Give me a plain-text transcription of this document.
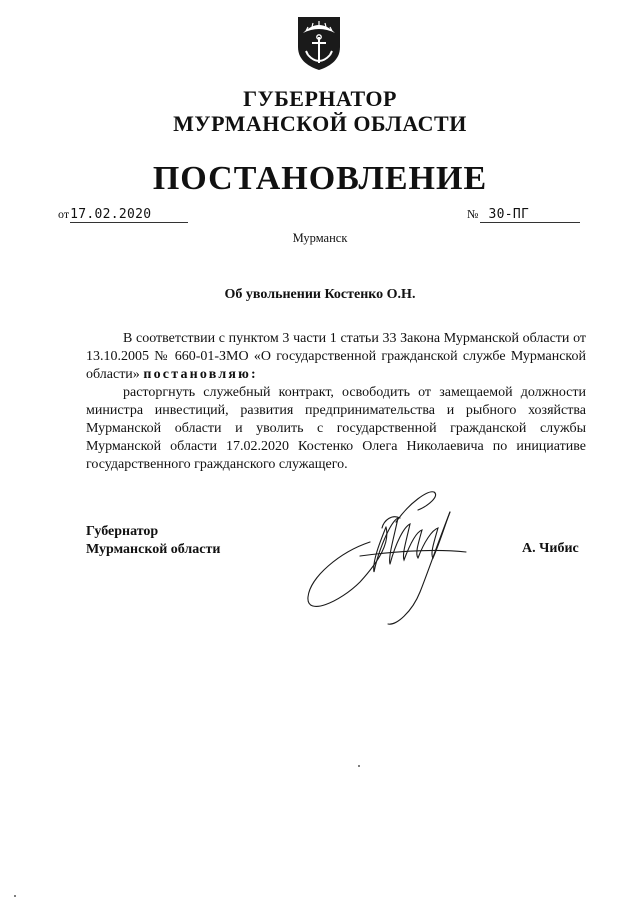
ГУБЕРНАТОР
МУРМАНСКОЙ ОБЛАСТИ
ПОСТАНОВЛЕНИЕ
от17.02.2020	№ 30-ПГ
Мурманск
Об увольнении Костенко О.Н.

В соответствии с пунктом 3 части 1 статьи 33 Закона Мурманской области от 13.10.2005 № 660-01-ЗМО «О государственной гражданской службе Мурманской области» постановляю:

расторгнуть служебный контракт, освободить от замещаемой должности министра инвестиций, развития предпринимательства и рыбного хозяйства Мурманской области и уволить с государственной гражданской службы Мурманской области 17.02.2020 Костенко Олега Николаевича по инициативе государственного гражданского служащего.

Губернатор
Мурманской области	А. Чибис
